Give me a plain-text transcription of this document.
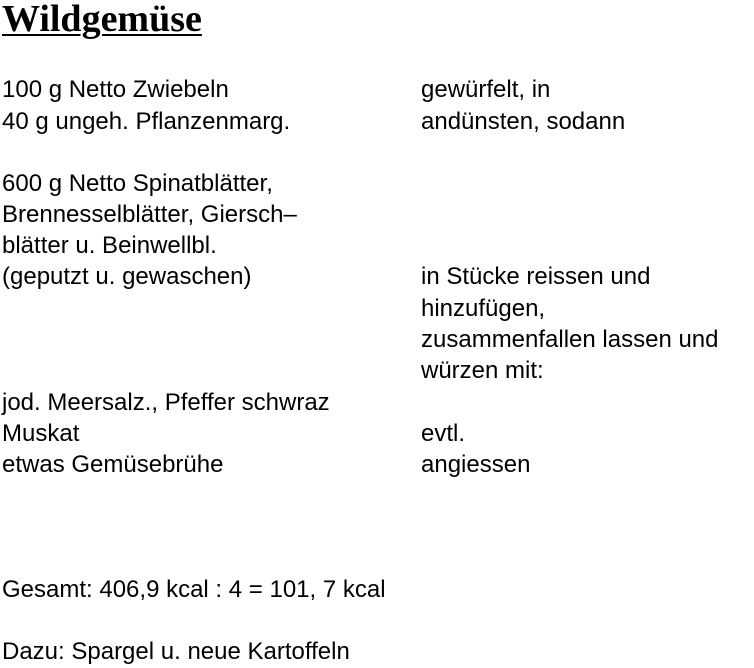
Wildgemüse
100 g Netto Zwiebeln
40 g ungeh. Pflanzenmarg.
600 g Netto Spinatblätter,
Brennesselblätter, Giersch–
blätter u. Beinwellbl.
(geputzt u. gewaschen)
jod. Meersalz., Pfeffer schwraz
Muskat
etwas Gemüsebrühe
gewürfelt, in
andünsten, sodann
in Stücke reissen und
hinzufügen,
zusammenfallen lassen und
würzen mit:
evtl.
angiessen
Gesamt: 406,9 kcal : 4 = 101, 7 kcal
Dazu: Spargel u. neue Kartoffeln
